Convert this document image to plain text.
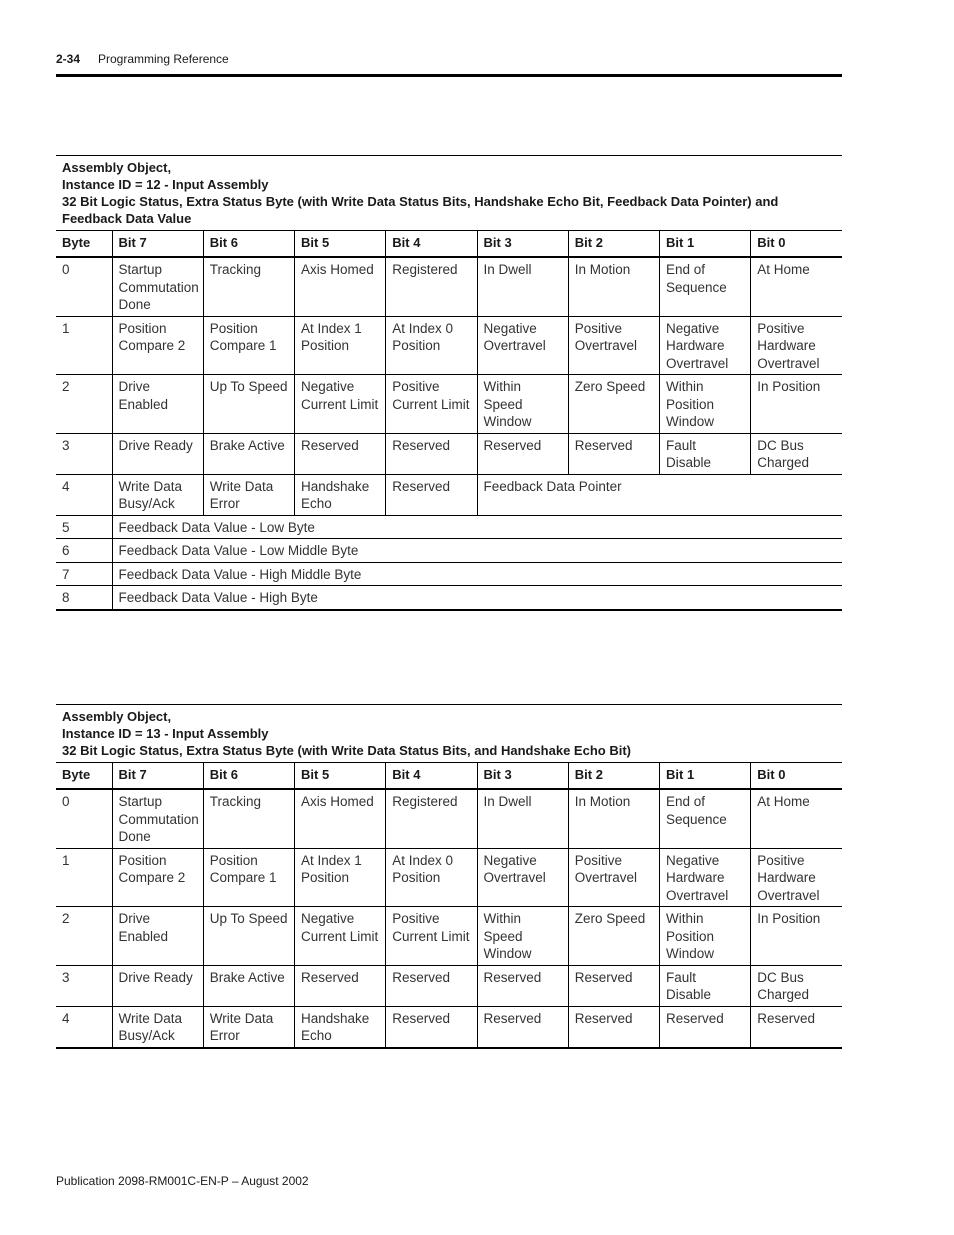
2-34 Programming Reference
Assembly Object,
Instance ID = 12 - Input Assembly
32 Bit Logic Status, Extra Status Byte (with Write Data Status Bits, Handshake Echo Bit, Feedback Data Pointer) and
Feedback Data Value
Byte	Bit 7	Bit 6	Bit 5	Bit 4	Bit 3	Bit 2	Bit 1	Bit 0
0	Startup Commutation Done	Tracking	Axis Homed	Registered	In Dwell	In Motion	End of Sequence	At Home
1	Position Compare 2	Position Compare 1	At Index 1 Position	At Index 0 Position	Negative Overtravel	Positive Overtravel	Negative Hardware Overtravel	Positive Hardware Overtravel
2	Drive Enabled	Up To Speed	Negative Current Limit	Positive Current Limit	Within Speed Window	Zero Speed	Within Position Window	In Position
3	Drive Ready	Brake Active	Reserved	Reserved	Reserved	Reserved	Fault Disable	DC Bus Charged
4	Write Data Busy/Ack	Write Data Error	Handshake Echo	Reserved	Feedback Data Pointer			
5	Feedback Data Value - Low Byte							
6	Feedback Data Value - Low Middle Byte							
7	Feedback Data Value - High Middle Byte							
8	Feedback Data Value - High Byte							
Assembly Object,
Instance ID = 13 - Input Assembly
32 Bit Logic Status, Extra Status Byte (with Write Data Status Bits, and Handshake Echo Bit)
Byte	Bit 7	Bit 6	Bit 5	Bit 4	Bit 3	Bit 2	Bit 1	Bit 0
0	Startup Commutation Done	Tracking	Axis Homed	Registered	In Dwell	In Motion	End of Sequence	At Home
1	Position Compare 2	Position Compare 1	At Index 1 Position	At Index 0 Position	Negative Overtravel	Positive Overtravel	Negative Hardware Overtravel	Positive Hardware Overtravel
2	Drive Enabled	Up To Speed	Negative Current Limit	Positive Current Limit	Within Speed Window	Zero Speed	Within Position Window	In Position
3	Drive Ready	Brake Active	Reserved	Reserved	Reserved	Reserved	Fault Disable	DC Bus Charged
4	Write Data Busy/Ack	Write Data Error	Handshake Echo	Reserved	Reserved	Reserved	Reserved	Reserved
Publication 2098-RM001C-EN-P – August 2002
